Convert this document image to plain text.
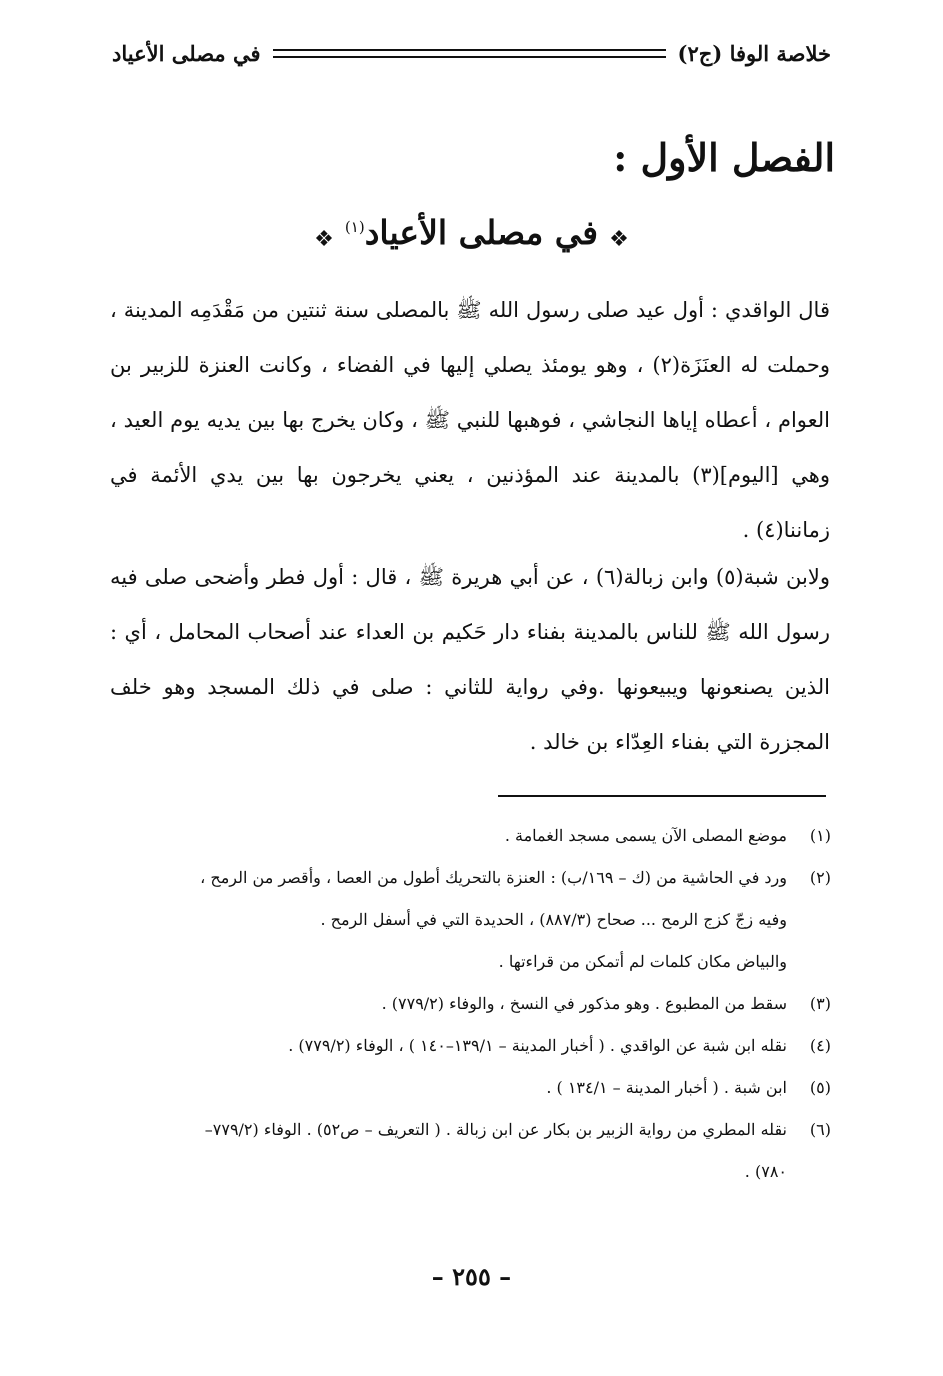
خلاصة الوفا (ج٢)
في مصلى الأعياد
الفصل الأول :
❖ في مصلى الأعياد$^{(١)}$	❖

قال الواقدي : أول عيد صلى رسول الله ﷺ بالمصلى سنة ثنتين من مَقْدَمِه المدينة ، وحملت له العنَزَة(٢) ، وهو يومئذ يصلي إليها في الفضاء ، وكانت العنزة للزبير بن العوام ، أعطاه إياها النجاشي ، فوهبها للنبي ﷺ ، وكان يخرج بها بين يديه يوم العيد ، وهي [اليوم](٣) بالمدينة عند المؤذنين ، يعني يخرجون بها بين يدي الأئمة في زماننا(٤) .

ولابن شبة(٥) وابن زبالة(٦) ، عن أبي هريرة ﷺ ، قال : أول فطر وأضحى صلى فيه رسول الله ﷺ للناس بالمدينة بفناء دار حَكيم بن العداء عند أصحاب المحامل ، أي : الذين يصنعونها ويبيعونها .وفي رواية للثاني : صلى في ذلك المسجد وهو خلف المجزرة التي بفناء العِدّاء بن خالد .

(١)
موضع المصلى الآن يسمى مسجد الغمامة .
(٢)
ورد في الحاشية من (ك – ١٦٩/ب) : العنزة بالتحريك أطول من العصا ، وأقصر من الرمح ،
وفيه زجّ كزج الرمح ... صحاح (٨٨٧/٣) ، الحديدة التي في أسفل الرمح .
والبياض مكان كلمات لم أتمكن من قراءتها .
(٣)
سقط من المطبوع . وهو مذكور في النسخ ، والوفاء (٧٧٩/٢) .
(٤)
نقله ابن شبة عن الواقدي . ( أخبار المدينة – ١٣٩/١–١٤٠ ) ، الوفاء (٧٧٩/٢) .
(٥)
ابن شبة . ( أخبار المدينة – ١٣٤/١ ) .
(٦)
نقله المطري من رواية الزبير بن بكار عن ابن زبالة . ( التعريف – ص٥٢) . الوفاء (٧٧٩/٢–
٧٨٠) .
– ٢٥٥ –
